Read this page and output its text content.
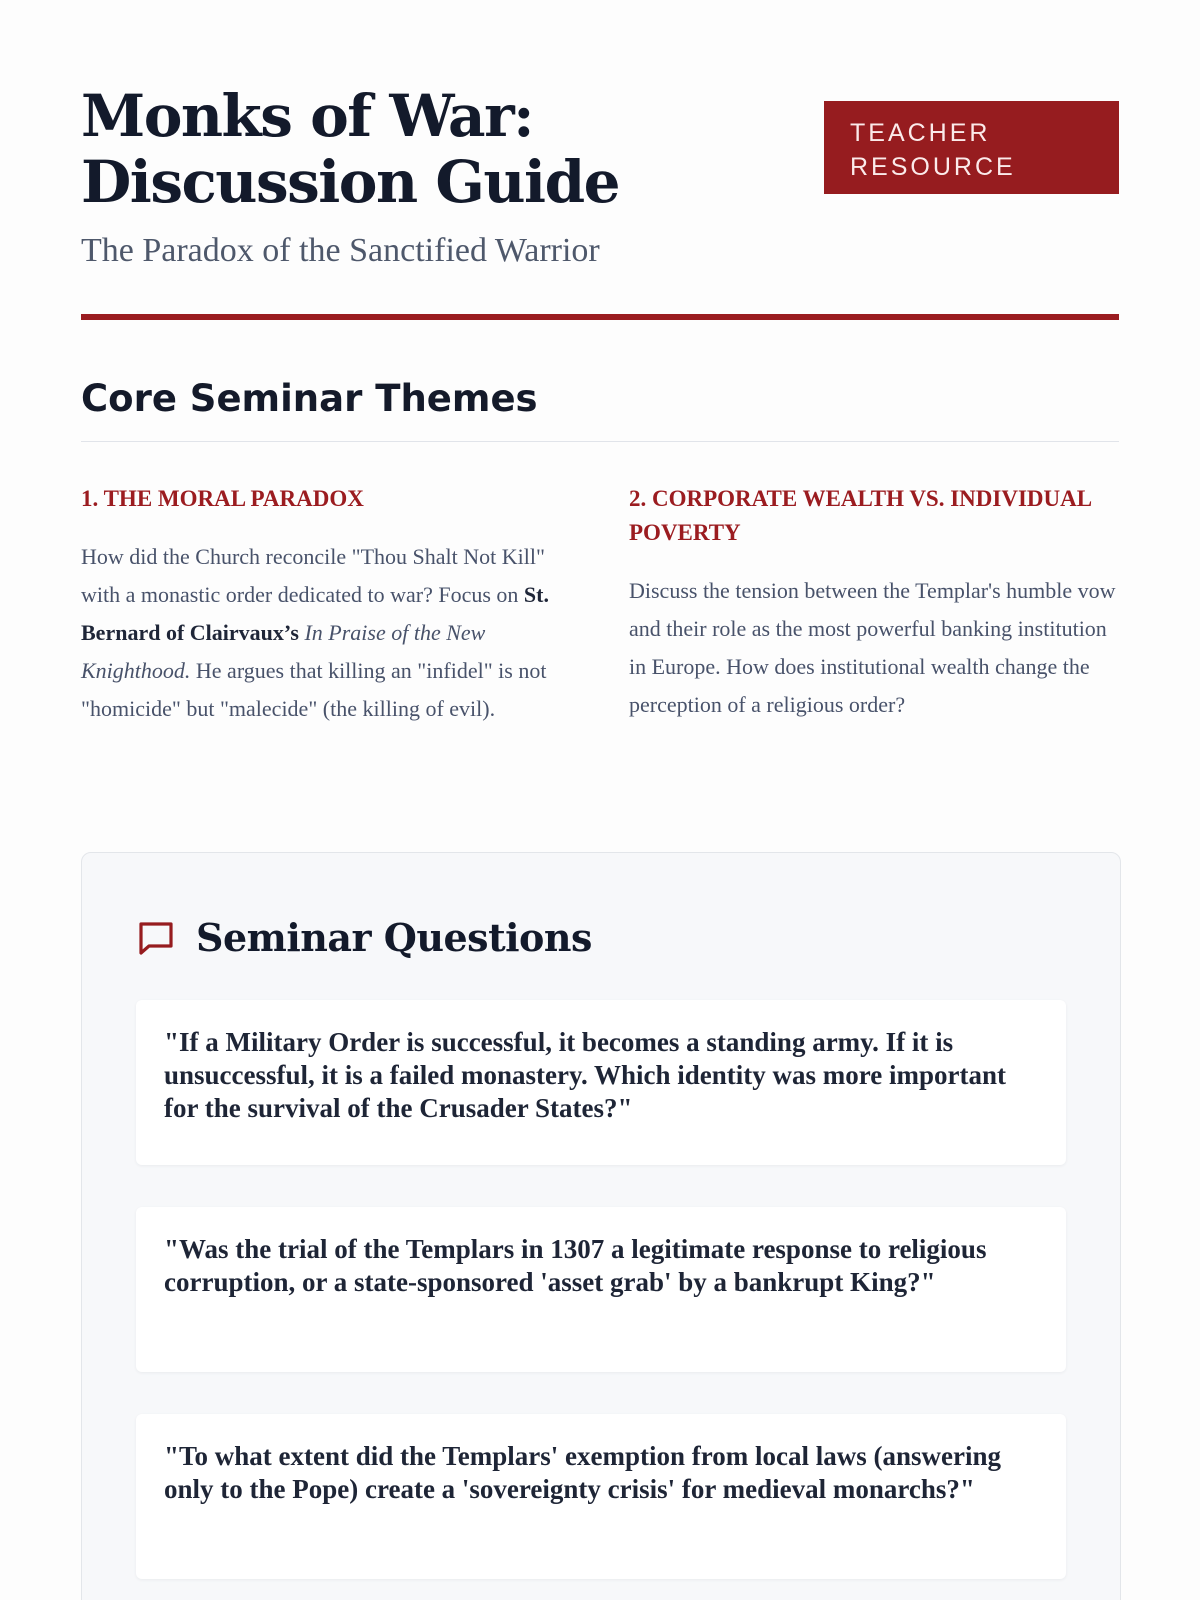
Monks of War: Discussion Guide

The Paradox of the Sanctified Warrior

TEACHER
RESOURCE
Core Seminar Themes
1. THE MORAL PARADOX

How did the Church reconcile "Thou Shalt Not Kill" with a monastic order dedicated to war? Focus on St. Bernard of Clairvaux’s In Praise of the New Knighthood. He argues that killing an "infidel" is not "homicide" but "malecide" (the killing of evil).

2. CORPORATE WEALTH VS. INDIVIDUAL POVERTY

Discuss the tension between the Templar's humble vow and their role as the most powerful banking institution in Europe. How does institutional wealth change the perception of a religious order?

Seminar Questions

"If a Military Order is successful, it becomes a standing army. If it is unsuccessful, it is a failed monastery. Which identity was more important for the survival of the Crusader States?"

"Was the trial of the Templars in 1307 a legitimate response to religious corruption, or a state-sponsored 'asset grab' by a bankrupt King?"

"To what extent did the Templars' exemption from local laws (answering only to the Pope) create a 'sovereignty crisis' for medieval monarchs?"
